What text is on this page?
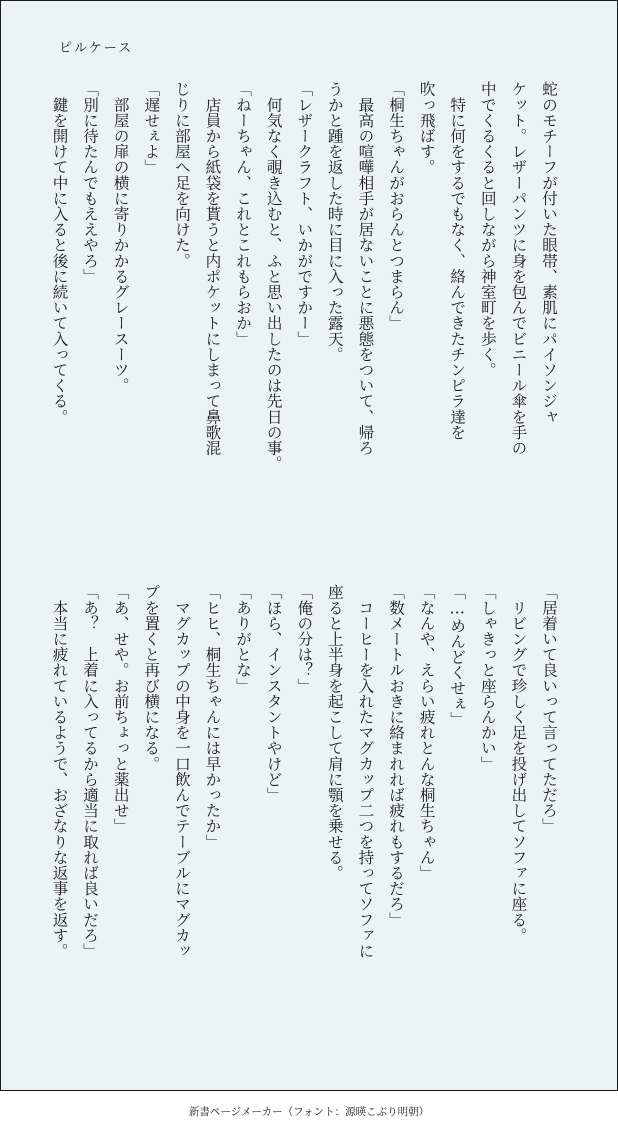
ピルケース
蛇のモチーフが付いた眼帯、素肌にパイソンジャ
ケット。レザーパンツに身を包んでビニール傘を手の
中でくるくると回しながら神室町を歩く。
　特に何をするでもなく、絡んできたチンピラ達を
吹っ飛ばす。
「桐生ちゃんがおらんとつまらん」
　最高の喧嘩相手が居ないことに悪態をついて、帰ろ
うかと踵を返した時に目に入った露天。
「レザークラフト、いかがですかー」
　何気なく覗き込むと、ふと思い出したのは先日の事。
「ねーちゃん、これとこれもらおか」
　店員から紙袋を貰うと内ポケットにしまって鼻歌混
じりに部屋へ足を向けた。
「遅せぇよ」
　部屋の扉の横に寄りかかるグレースーツ。
「別に待たんでもええやろ」
　鍵を開けて中に入ると後に続いて入ってくる。
「居着いて良いって言ってただろ」
　リビングで珍しく足を投げ出してソファに座る。
「しゃきっと座らんかい」
「…めんどくせぇ」
「なんや、えらい疲れとんな桐生ちゃん」
「数メートルおきに絡まれれば疲れもするだろ」
　コーヒーを入れたマグカップ二つを持ってソファに
座ると上半身を起こして肩に顎を乗せる。
「俺の分は？」
「ほら、インスタントやけど」
「ありがとな」
「ヒヒ、桐生ちゃんには早かったか」
　マグカップの中身を一口飲んでテーブルにマグカッ
プを置くと再び横になる。
「あ、せや。お前ちょっと薬出せ」
「あ？　上着に入ってるから適当に取れば良いだろ」
　本当に疲れているようで、おざなりな返事を返す。
新書ページメーカー（フォント：源暎こぶり明朝）
